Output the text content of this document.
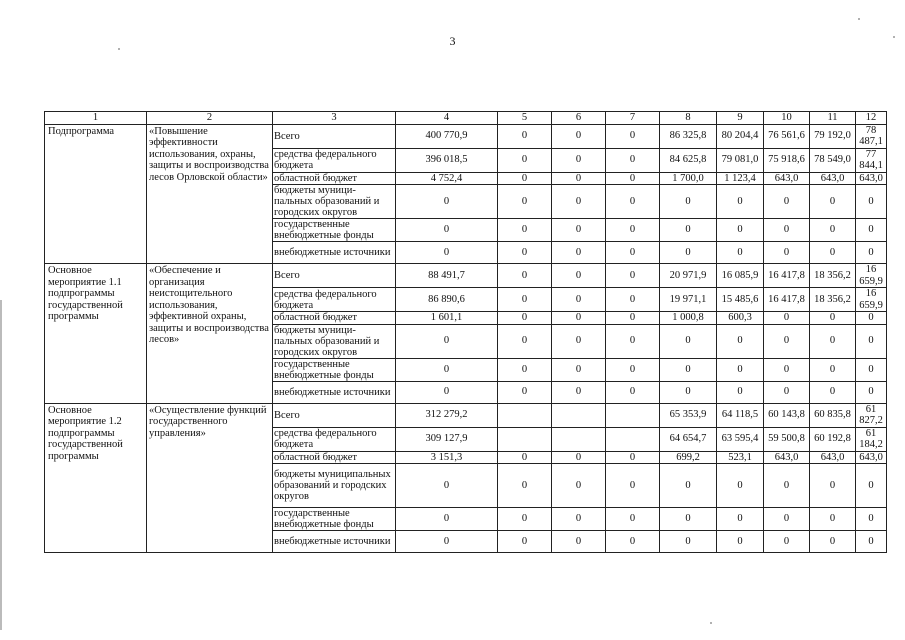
3
1	2	3	4	5	6	7	8	9	10	11	12
Подпрограмма	«Повышение эффективности использования, охраны, защиты и воспроизводства лесов Орловской области»	Всего	400 770,9	0	0	0	86 325,8	80 204,4	76 561,6	79 192,0	78 487,1
		средства федерального бюджета	396 018,5	0	0	0	84 625,8	79 081,0	75 918,6	78 549,0	77 844,1
		областной бюджет	4 752,4	0	0	0	1 700,0	1 123,4	643,0	643,0	643,0
		бюджеты муници-пальных образований и городских округов	0	0	0	0	0	0	0	0	0
		государственные внебюджетные фонды	0	0	0	0	0	0	0	0	0
		внебюджетные источники	0	0	0	0	0	0	0	0	0
Основное мероприятие 1.1 подпрограммы государственной программы	«Обеспечение и организация неистощительного использования, эффективной охраны, защиты и воспроизводства лесов»	Всего	88 491,7	0	0	0	20 971,9	16 085,9	16 417,8	18 356,2	16 659,9
		средства федерального бюджета	86 890,6	0	0	0	19 971,1	15 485,6	16 417,8	18 356,2	16 659,9
		областной бюджет	1 601,1	0	0	0	1 000,8	600,3	0	0	0
		бюджеты муници-пальных образований и городских округов	0	0	0	0	0	0	0	0	0
		государственные внебюджетные фонды	0	0	0	0	0	0	0	0	0
		внебюджетные источники	0	0	0	0	0	0	0	0	0
Основное мероприятие 1.2 подпрограммы государственной программы	«Осуществление функций государственного управления»	Всего	312 279,2				65 353,9	64 118,5	60 143,8	60 835,8	61 827,2
		средства федерального бюджета	309 127,9				64 654,7	63 595,4	59 500,8	60 192,8	61 184,2
		областной бюджет	3 151,3	0	0	0	699,2	523,1	643,0	643,0	643,0
		бюджеты муниципальных образований и городских округов	0	0	0	0	0	0	0	0	0
		государственные внебюджетные фонды	0	0	0	0	0	0	0	0	0
		внебюджетные источники	0	0	0	0	0	0	0	0	0
